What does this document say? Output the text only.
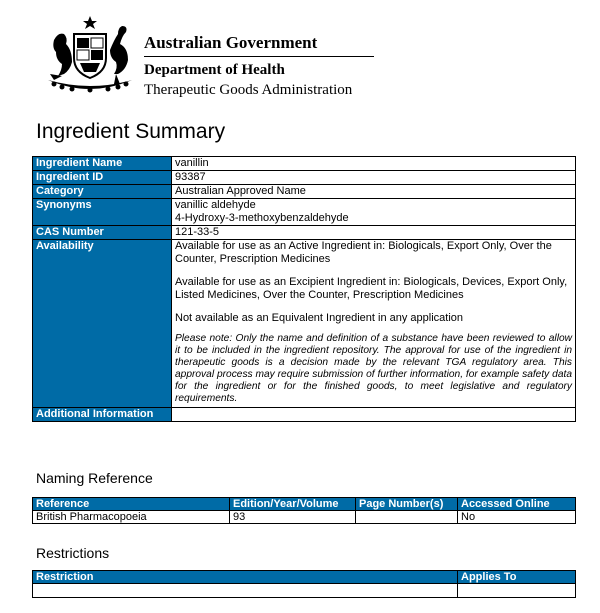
Australian Government
Department of Health
Therapeutic Goods Administration
Ingredient Summary
Ingredient Name	vanillin
Ingredient ID	93387
Category	Australian Approved Name
Synonyms	vanillic aldehyde
4-Hydroxy-3-methoxybenzaldehyde

CAS Number	121-33-5
Availability	Available for use as an Active Ingredient in: Biologicals, Export Only, Over the Counter, Prescription Medicines

Available for use as an Excipient Ingredient in: Biologicals, Devices, Export Only, Listed Medicines, Over the Counter, Prescription Medicines

Not available as an Equivalent Ingredient in any application

Please note: Only the name and definition of a substance have been reviewed to allow it to be included in the ingredient repository. The approval for use of the ingredient in therapeutic goods is a decision made by the relevant TGA regulatory area. This approval process may require submission of further information, for example safety data for the ingredient or for the finished goods, to meet legislative and regulatory requirements.

Additional Information	
Naming Reference
Reference	Edition/Year/Volume	Page Number(s)	Accessed Online
British Pharmacopoeia	93		No
Restrictions
Restriction	Applies To
